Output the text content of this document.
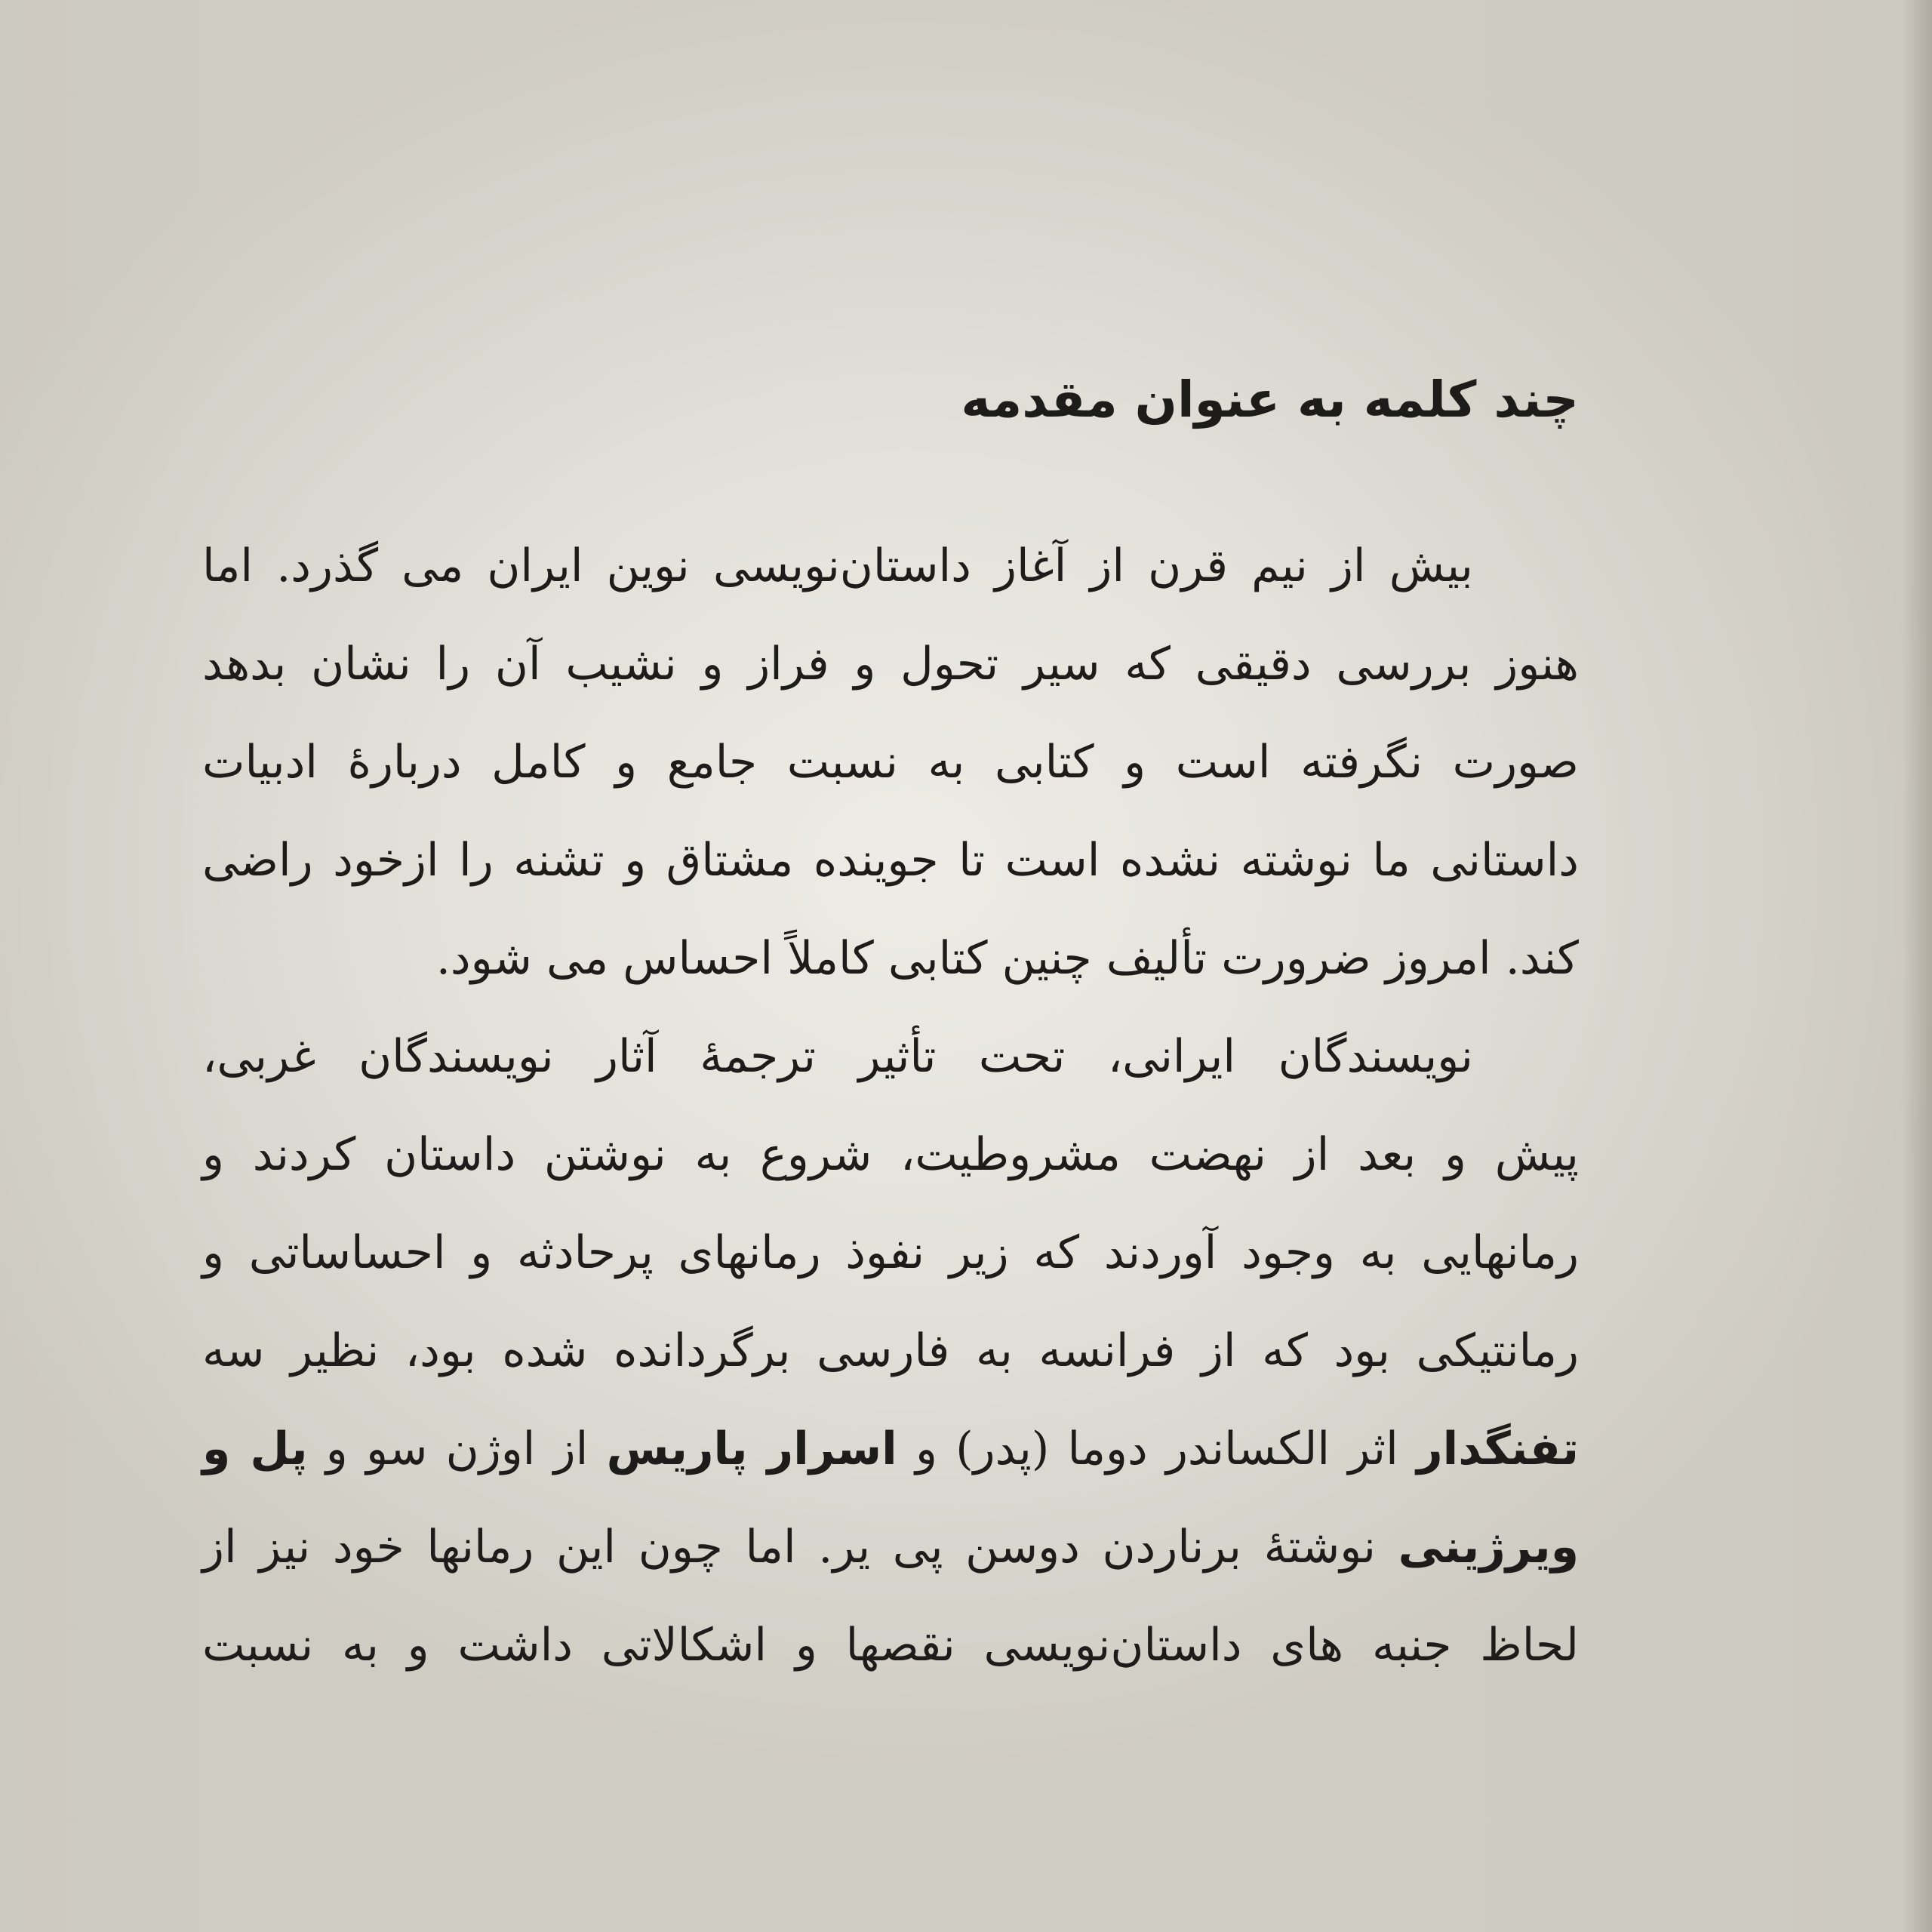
چند کلمه به عنوان مقدمه

بیش از نیم قرن از آغاز داستان‌نویسی نوین ایران می گذرد. اما

هنوز بررسی دقیقی که سیر تحول و فراز و نشیب آن را نشان بدهد

صورت نگرفته است و کتابی به نسبت جامع و کامل دربارهٔ ادبیات

داستانی ما نوشته نشده است تا جوینده مشتاق و تشنه را ازخود راضی

کند. امروز ضرورت تألیف چنین کتابی کاملاً احساس می شود.

نویسندگان ایرانی، تحت تأثیر ترجمهٔ آثار نویسندگان غربی،

پیش و بعد از نهضت مشروطیت، شروع به نوشتن داستان کردند و

رمانهایی به وجود آوردند که زیر نفوذ رمانهای پرحادثه و احساساتی و

رمانتیکی بود که از فرانسه به فارسی برگردانده شده بود، نظیر سه

تفنگدار اثر الکساندر دوما (پدر) و اسرار پاریس از اوژن سو و پل و

ویرژینی نوشتهٔ برناردن دوسن پی یر. اما چون این رمانها خود نیز از

لحاظ جنبه های داستان‌نویسی نقصها و اشکالاتی داشت و به نسبت
